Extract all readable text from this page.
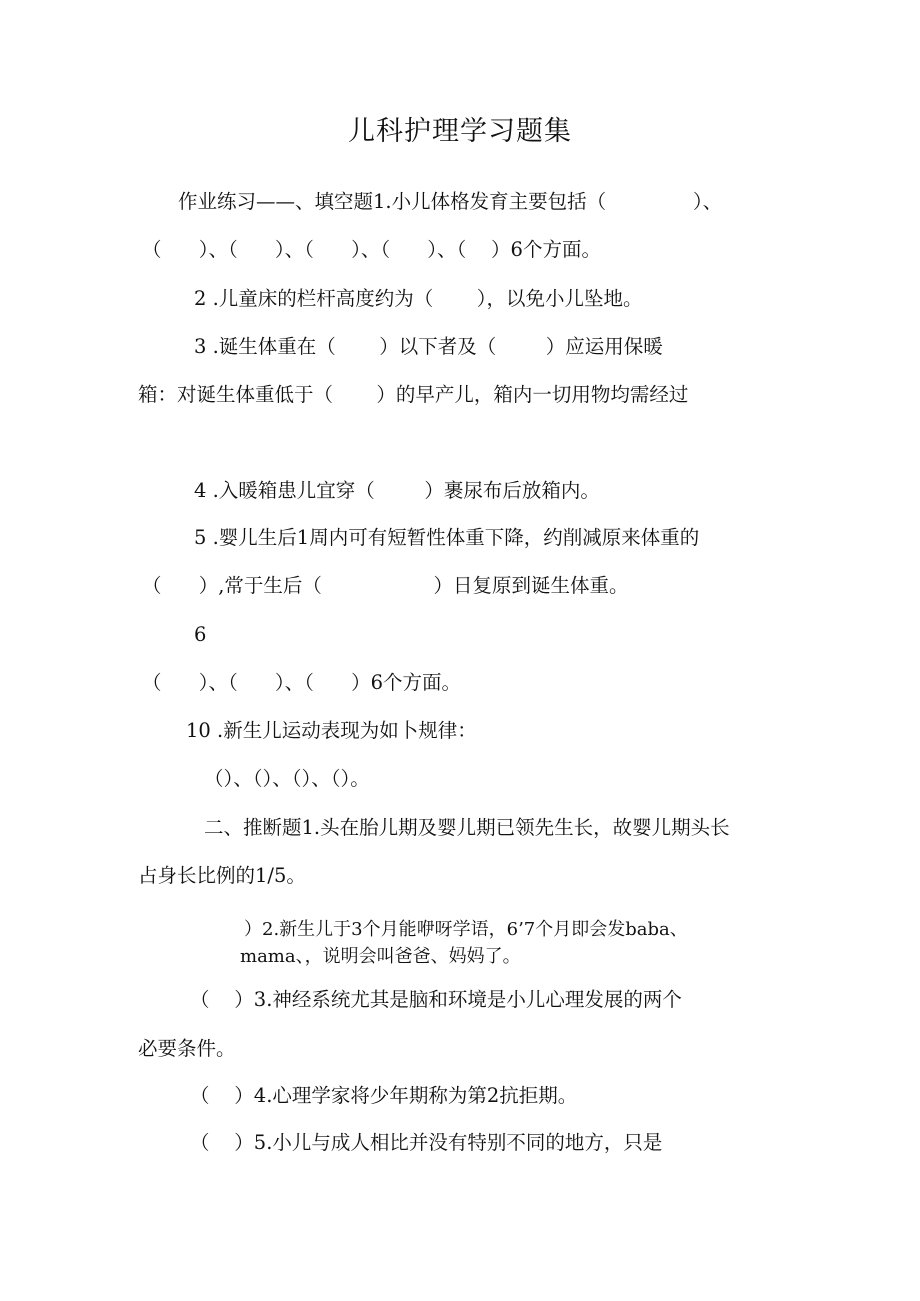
儿科护理学习题集
作业练习——、填空题1.小儿体格发育主要包括（              ）、
（      ）、（      ）、（      ）、（      ）、（    ）6个方面。
2 .儿童床的栏杆高度约为（       ），以免小儿坠地。
3 .诞生体重在（       ）以下者及（        ）应运用保暖
箱：对诞生体重低于（       ）的早产儿，箱内一切用物均需经过
4 .入暖箱患儿宜穿（        ）裹尿布后放箱内。
5 .婴儿生后1周内可有短暂性体重下降，约削减原来体重的
（      ）,常于生后（                  ）日复原到诞生体重。
6
（      ）、（      ）、（      ）6个方面。
10 .新生儿运动表现为如卜规律：
（）、（）、（）、（）。
二、推断题1.头在胎儿期及婴儿期已领先生长，故婴儿期头长
占身长比例的1/5。
）2.新生儿于3个月能咿呀学语，6’7个月即会发baba、
mama、，说明会叫爸爸、妈妈了。
（    ）3.神经系统尤其是脑和环境是小儿心理发展的两个
必要条件。
（    ）4.心理学家将少年期称为第2抗拒期。
（    ）5.小儿与成人相比并没有特别不同的地方，只是
